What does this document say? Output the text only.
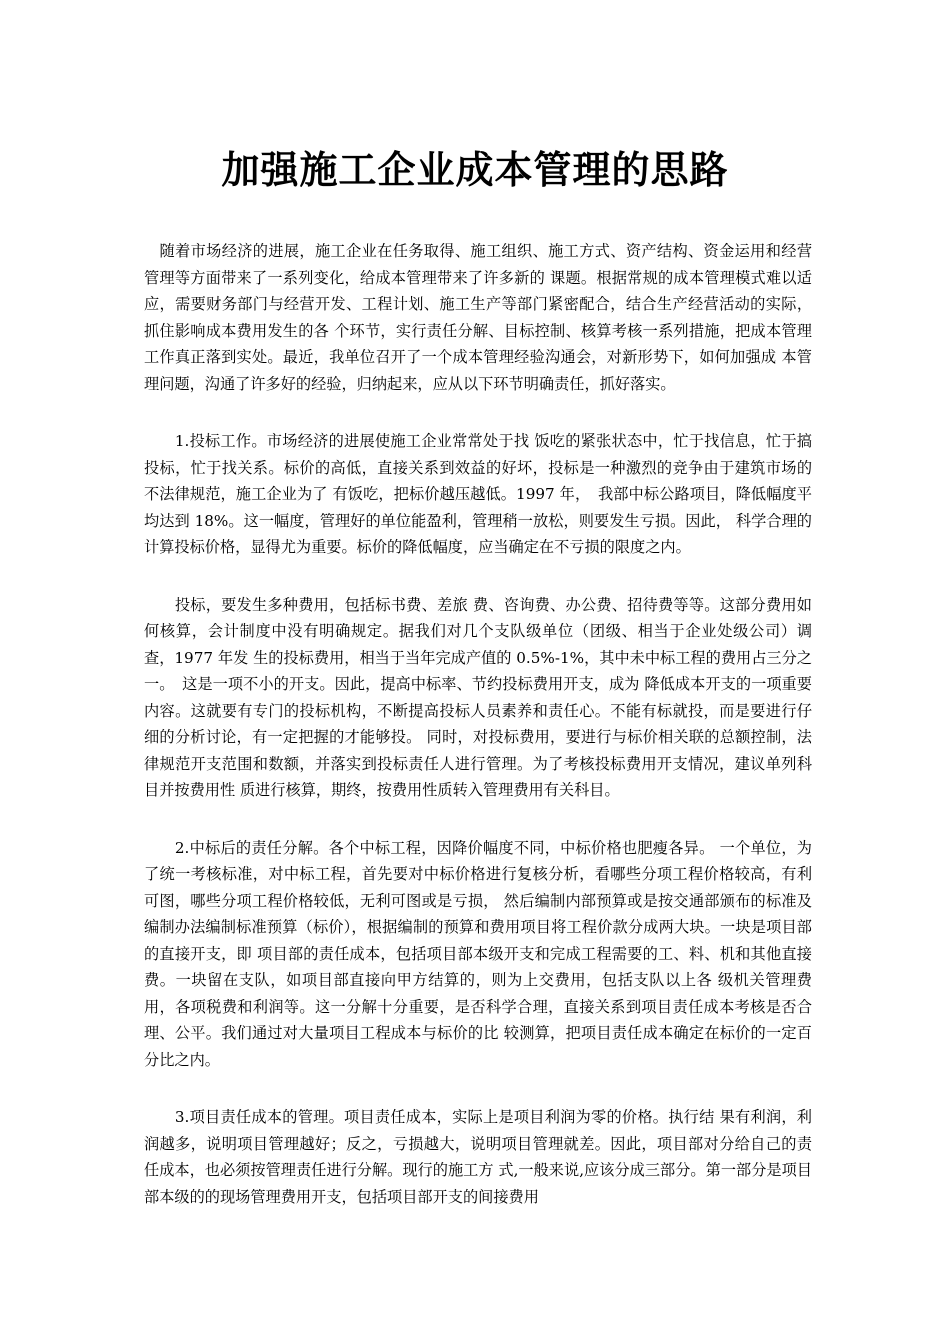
加强施工企业成本管理的思路

　随着市场经济的进展，施工企业在任务取得、施工组织、施工方式、资产结构、资金运用和经营管理等方面带来了一系列变化，给成本管理带来了许多新的 课题。根据常规的成本管理模式难以适应，需要财务部门与经营开发、工程计划、施工生产等部门紧密配合，结合生产经营活动的实际，抓住影响成本费用发生的各 个环节，实行责任分解、目标控制、核算考核一系列措施，把成本管理工作真正落到实处。最近，我单位召开了一个成本管理经验沟通会，对新形势下，如何加强成 本管理问题，沟通了许多好的经验，归纳起来，应从以下环节明确责任，抓好落实。

　　1.投标工作。市场经济的进展使施工企业常常处于找 饭吃的紧张状态中，忙于找信息，忙于搞投标，忙于找关系。标价的高低，直接关系到效益的好坏，投标是一种激烈的竞争由于建筑市场的不法律规范，施工企业为了 有饭吃，把标价越压越低。1997 年，　我部中标公路项目，降低幅度平均达到 18%。这一幅度，管理好的单位能盈利，管理稍一放松，则要发生亏损。因此， 科学合理的计算投标价格，显得尤为重要。标价的降低幅度，应当确定在不亏损的限度之内。

　　投标，要发生多种费用，包括标书费、差旅 费、咨询费、办公费、招待费等等。这部分费用如何核算，会计制度中没有明确规定。据我们对几个支队级单位（团级、相当于企业处级公司）调查，1977 年发 生的投标费用，相当于当年完成产值的 0.5%-1%，其中未中标工程的费用占三分之一。　这是一项不小的开支。因此，提高中标率、节约投标费用开支，成为 降低成本开支的一项重要内容。这就要有专门的投标机构，不断提高投标人员素养和责任心。不能有标就投，而是要进行仔细的分析讨论，有一定把握的才能够投。 同时，对投标费用，要进行与标价相关联的总额控制，法律规范开支范围和数额，并落实到投标责任人进行管理。为了考核投标费用开支情况，建议单列科目并按费用性 质进行核算，期终，按费用性质转入管理费用有关科目。

　　2.中标后的责任分解。各个中标工程，因降价幅度不同，中标价格也肥瘦各异。 一个单位，为了统一考核标准，对中标工程，首先要对中标价格进行复核分析，看哪些分项工程价格较高，有利可图，哪些分项工程价格较低，无利可图或是亏损， 然后编制内部预算或是按交通部颁布的标准及编制办法编制标准预算（标价），根据编制的预算和费用项目将工程价款分成两大块。一块是项目部的直接开支，即 项目部的责任成本，包括项目部本级开支和完成工程需要的工、料、机和其他直接费。一块留在支队，如项目部直接向甲方结算的，则为上交费用，包括支队以上各 级机关管理费用，各项税费和利润等。这一分解十分重要，是否科学合理，直接关系到项目责任成本考核是否合理、公平。我们通过对大量项目工程成本与标价的比 较测算，把项目责任成本确定在标价的一定百分比之内。

　　3.项目责任成本的管理。项目责任成本，实际上是项目利润为零的价格。执行结 果有利润，利润越多，说明项目管理越好；反之，亏损越大，说明项目管理就差。因此，项目部对分给自己的责任成本，也必须按管理责任进行分解。现行的施工方 式,一般来说,应该分成三部分。第一部分是项目部本级的的现场管理费用开支，包括项目部开支的间接费用
